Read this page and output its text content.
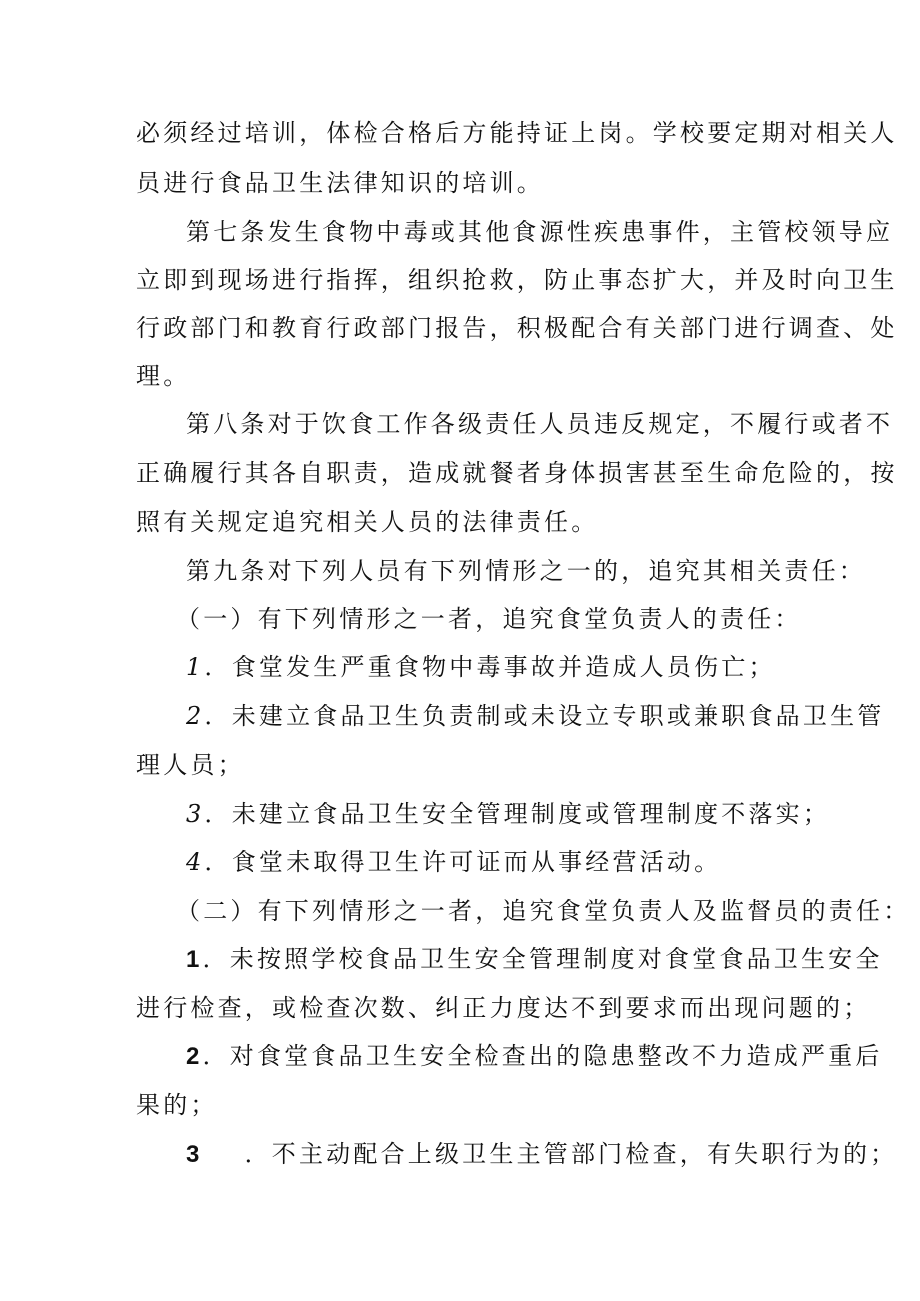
必须经过培训，体检合格后方能持证上岗。学校要定期对相关人
员进行食品卫生法律知识的培训。
第七条发生食物中毒或其他食源性疾患事件，主管校领导应
立即到现场进行指挥，组织抢救，防止事态扩大，并及时向卫生
行政部门和教育行政部门报告，积极配合有关部门进行调查、处
理。
第八条对于饮食工作各级责任人员违反规定，不履行或者不
正确履行其各自职责，造成就餐者身体损害甚至生命危险的，按
照有关规定追究相关人员的法律责任。
第九条对下列人员有下列情形之一的，追究其相关责任：
（一）有下列情形之一者，追究食堂负责人的责任：
1．食堂发生严重食物中毒事故并造成人员伤亡；
2．未建立食品卫生负责制或未设立专职或兼职食品卫生管
理人员；
3．未建立食品卫生安全管理制度或管理制度不落实；
4．食堂未取得卫生许可证而从事经营活动。
（二）有下列情形之一者，追究食堂负责人及监督员的责任：
1．未按照学校食品卫生安全管理制度对食堂食品卫生安全
进行检查，或检查次数、纠正力度达不到要求而出现问题的；
2．对食堂食品卫生安全检查出的隐患整改不力造成严重后
果的；
3 ．不主动配合上级卫生主管部门检查，有失职行为的；
